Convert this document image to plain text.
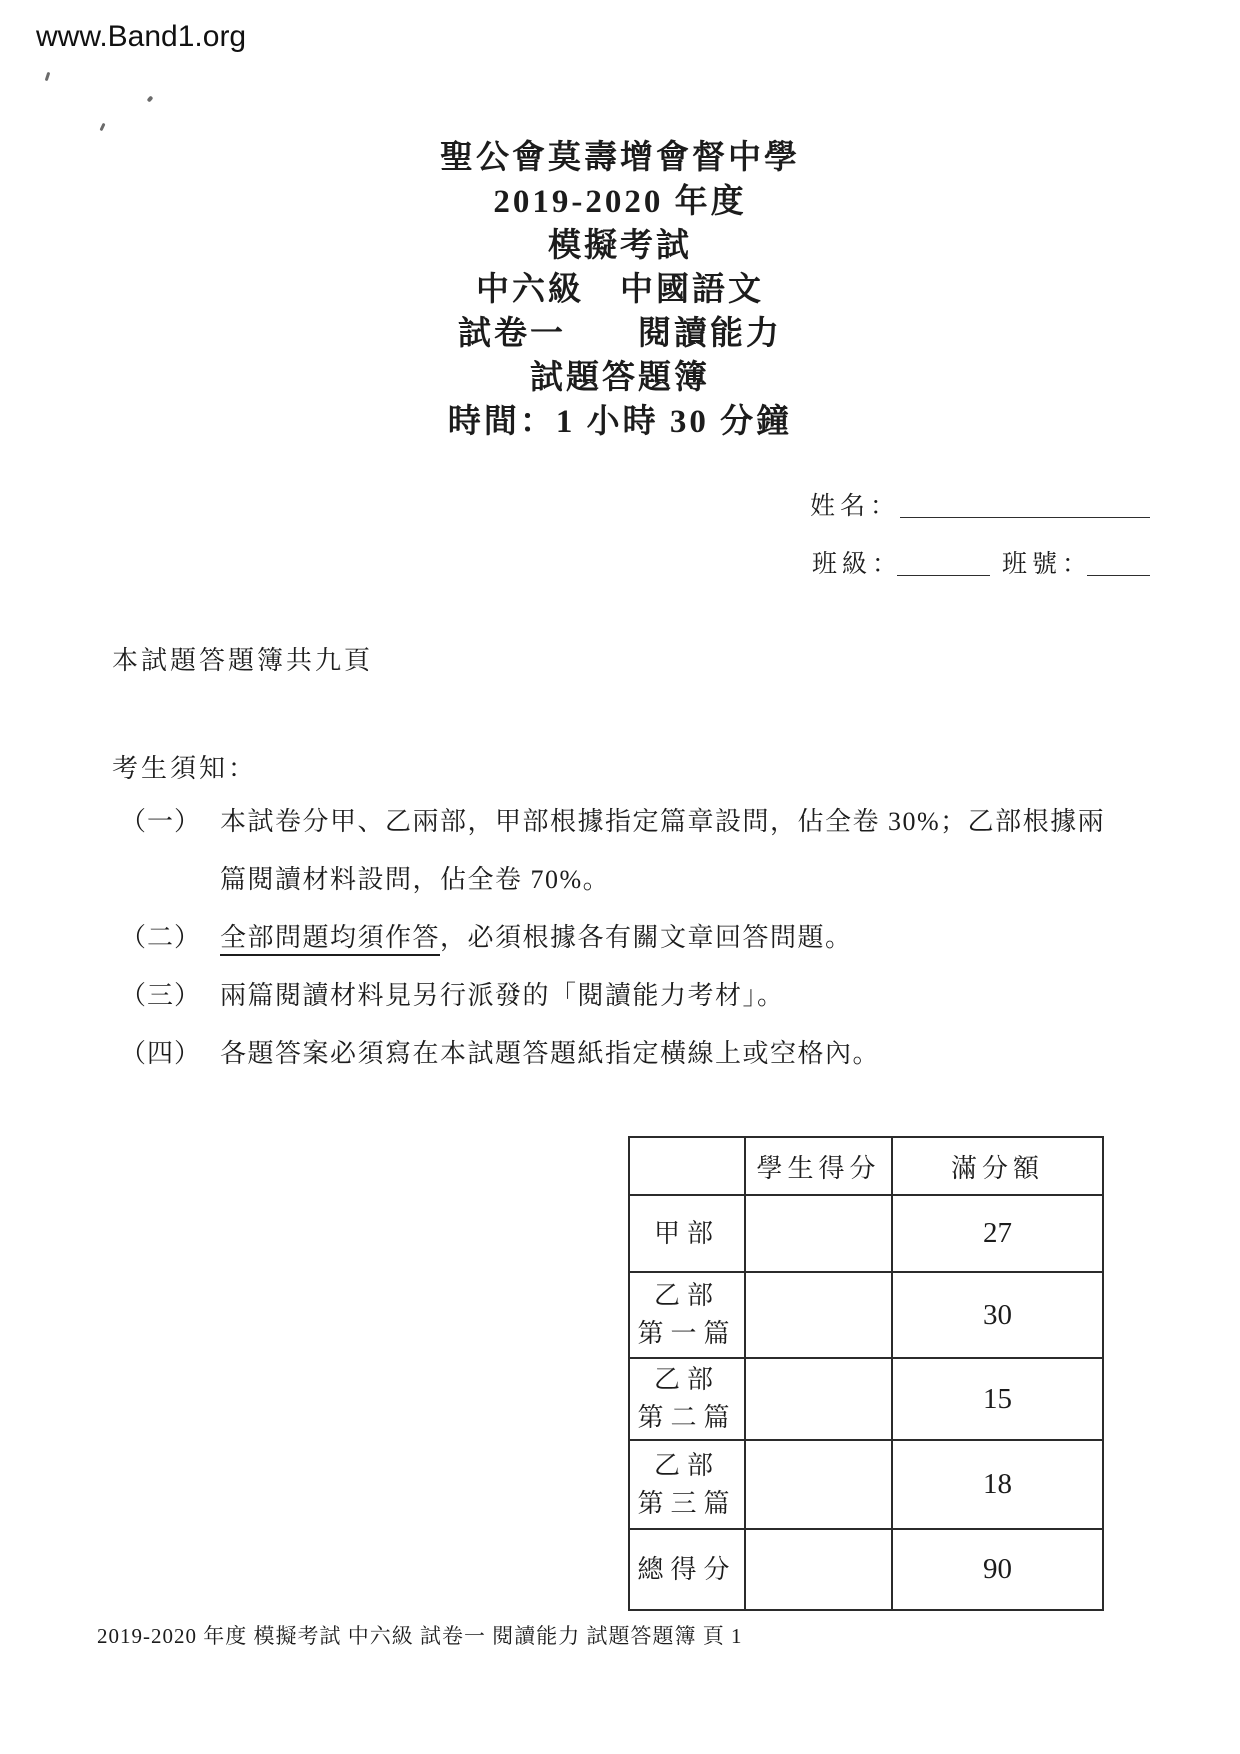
www.Band1.org
聖公會莫壽增會督中學
2019-2020 年度
模擬考試
中六級　中國語文
試卷一　　閱讀能力
試題答題簿
時間：1 小時 30 分鐘
姓名：
班級：	班號：
本試題答題簿共九頁
考生須知：
（一） 本試卷分甲、乙兩部，甲部根據指定篇章設問，佔全卷 30%；乙部根據兩
篇閱讀材料設問，佔全卷 70%。
（二） 全部問題均須作答，必須根據各有關文章回答問題。
（三） 兩篇閱讀材料見另行派發的「閱讀能力考材」。
（四） 各題答案必須寫在本試題答題紙指定橫線上或空格內。
	學生得分	滿分額

甲部		27

乙部
第一篇		30

乙部
第二篇		15

乙部
第三篇		18

總得分		90
2019-2020 年度 模擬考試 中六級 試卷一 閱讀能力 試題答題簿 頁 1
